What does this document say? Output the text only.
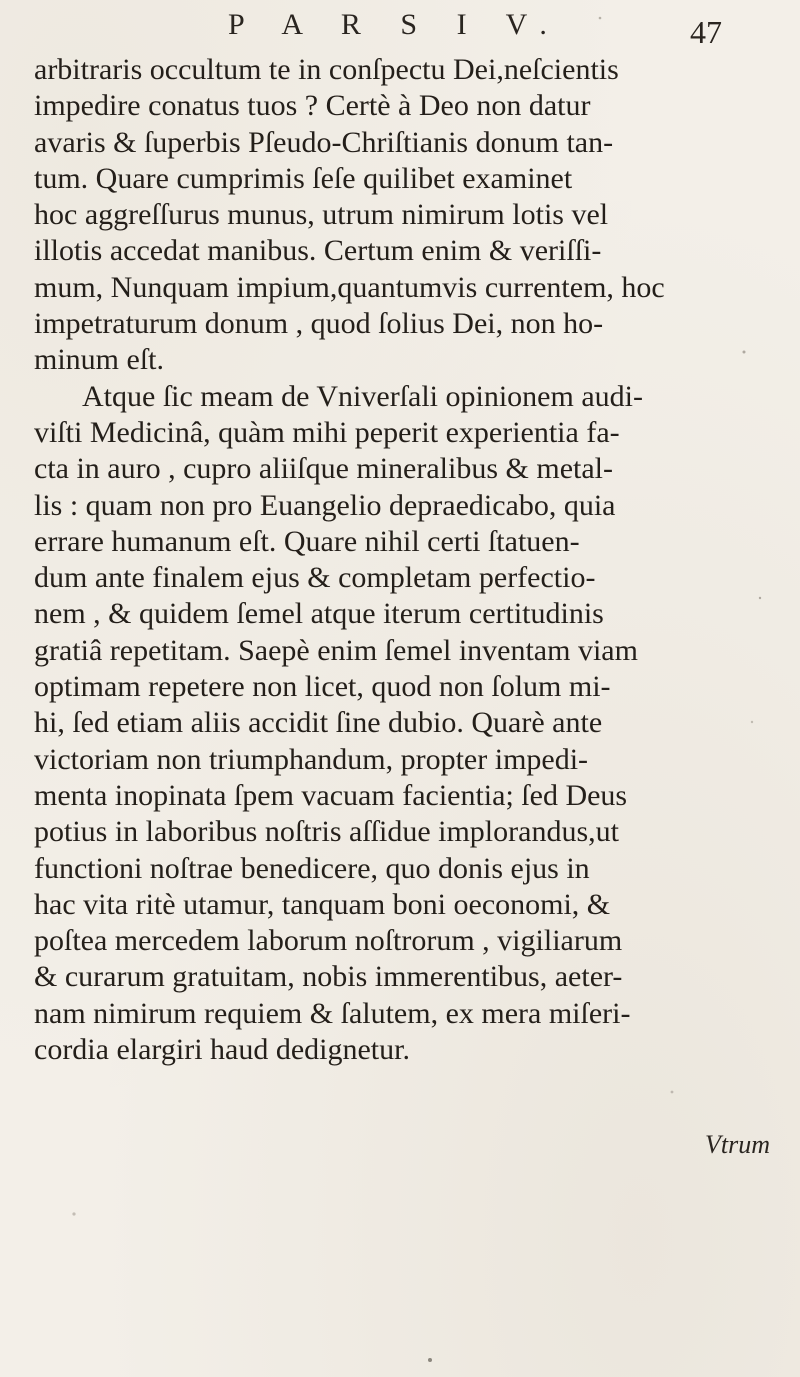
P A R S I V.	47
arbitraris occultum te in conſpectu Dei,neſcientis
impedire conatus tuos ? Certè à Deo non datur
avaris & ſuperbis Pſeudo-Chriſtianis donum tan-
tum. Quare cumprimis ſeſe quilibet examinet
hoc aggreſſurus munus, utrum nimirum lotis vel
illotis accedat manibus. Certum enim & veriſſi-
mum, Nunquam impium,quantumvis currentem, hoc
impetraturum donum , quod ſolius Dei, non ho-
minum eſt.
Atque ſic meam de Vniverſali opinionem audi-
viſti Medicinâ, quàm mihi peperit experientia fa-
cta in auro , cupro aliiſque mineralibus & metal-
lis : quam non pro Euangelio depraedicabo, quia
errare humanum eſt. Quare nihil certi ſtatuen-
dum ante finalem ejus & completam perfectio-
nem , & quidem ſemel atque iterum certitudinis
gratiâ repetitam. Saepè enim ſemel inventam viam
optimam repetere non licet, quod non ſolum mi-
hi, ſed etiam aliis accidit ſine dubio. Quarè ante
victoriam non triumphandum, propter impedi-
menta inopinata ſpem vacuam facientia; ſed Deus
potius in laboribus noſtris aſſidue implorandus,ut
functioni noſtrae benedicere, quo donis ejus in
hac vita ritè utamur, tanquam boni oeconomi, &
poſtea mercedem laborum noſtrorum , vigiliarum
& curarum gratuitam, nobis immerentibus, aeter-
nam nimirum requiem & ſalutem, ex mera miſeri-
cordia elargiri haud dedignetur.
Vtrum
